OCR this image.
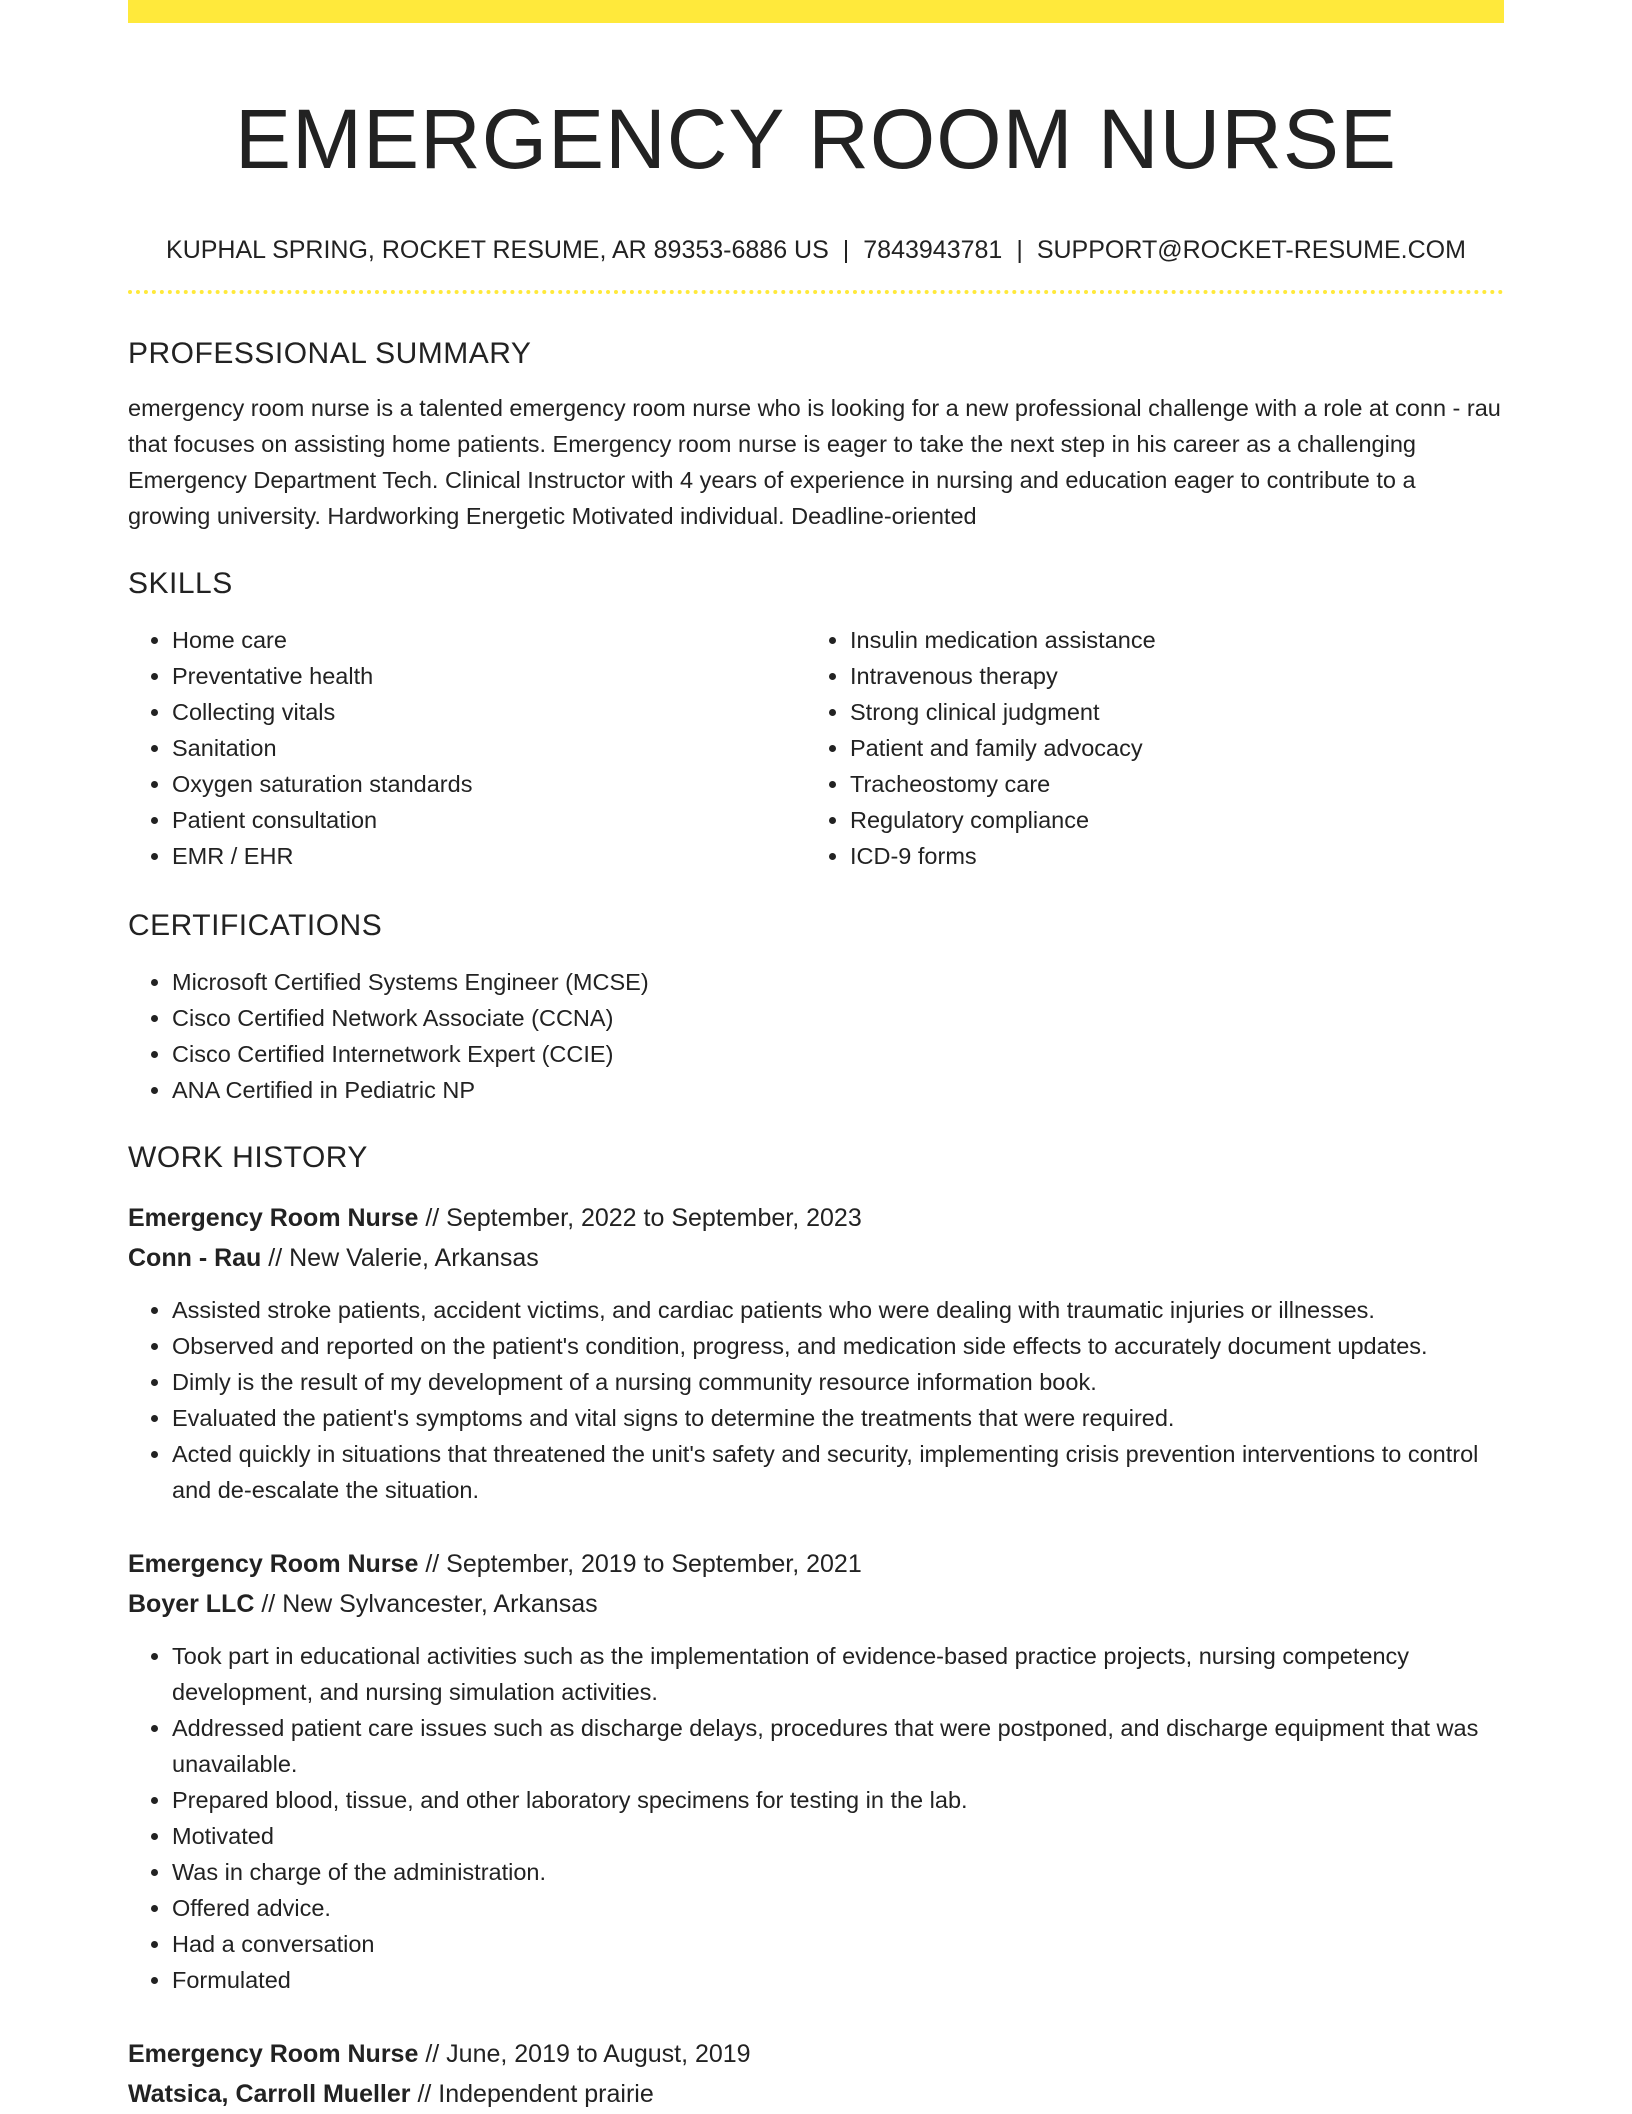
EMERGENCY ROOM NURSE
KUPHAL SPRING, ROCKET RESUME, AR 89353-6886 US | 7843943781 | SUPPORT@ROCKET-RESUME.COM
PROFESSIONAL SUMMARY

emergency room nurse is a talented emergency room nurse who is looking for a new professional challenge with a role at conn - rau that focuses on assisting home patients. Emergency room nurse is eager to take the next step in his career as a challenging Emergency Department Tech. Clinical Instructor with 4 years of experience in nursing and education eager to contribute to a growing university. Hardworking Energetic Motivated individual. Deadline-oriented

SKILLS
• Home care
• Preventative health
• Collecting vitals
• Sanitation
• Oxygen saturation standards
• Patient consultation
• EMR / EHR
• Insulin medication assistance
• Intravenous therapy
• Strong clinical judgment
• Patient and family advocacy
• Tracheostomy care
• Regulatory compliance
• ICD-9 forms
CERTIFICATIONS
• Microsoft Certified Systems Engineer (MCSE)
• Cisco Certified Network Associate (CCNA)
• Cisco Certified Internetwork Expert (CCIE)
• ANA Certified in Pediatric NP
WORK HISTORY
Emergency Room Nurse // September, 2022 to September, 2023
Conn - Rau // New Valerie, Arkansas
• Assisted stroke patients, accident victims, and cardiac patients who were dealing with traumatic injuries or illnesses.
• Observed and reported on the patient's condition, progress, and medication side effects to accurately document updates.
• Dimly is the result of my development of a nursing community resource information book.
• Evaluated the patient's symptoms and vital signs to determine the treatments that were required.
• Acted quickly in situations that threatened the unit's safety and security, implementing crisis prevention interventions to control and de-escalate the situation.
Emergency Room Nurse // September, 2019 to September, 2021
Boyer LLC // New Sylvancester, Arkansas
• Took part in educational activities such as the implementation of evidence-based practice projects, nursing competency development, and nursing simulation activities.
• Addressed patient care issues such as discharge delays, procedures that were postponed, and discharge equipment that was unavailable.
• Prepared blood, tissue, and other laboratory specimens for testing in the lab.
• Motivated
• Was in charge of the administration.
• Offered advice.
• Had a conversation
• Formulated
Emergency Room Nurse // June, 2019 to August, 2019
Watsica, Carroll Mueller // Independent prairie
